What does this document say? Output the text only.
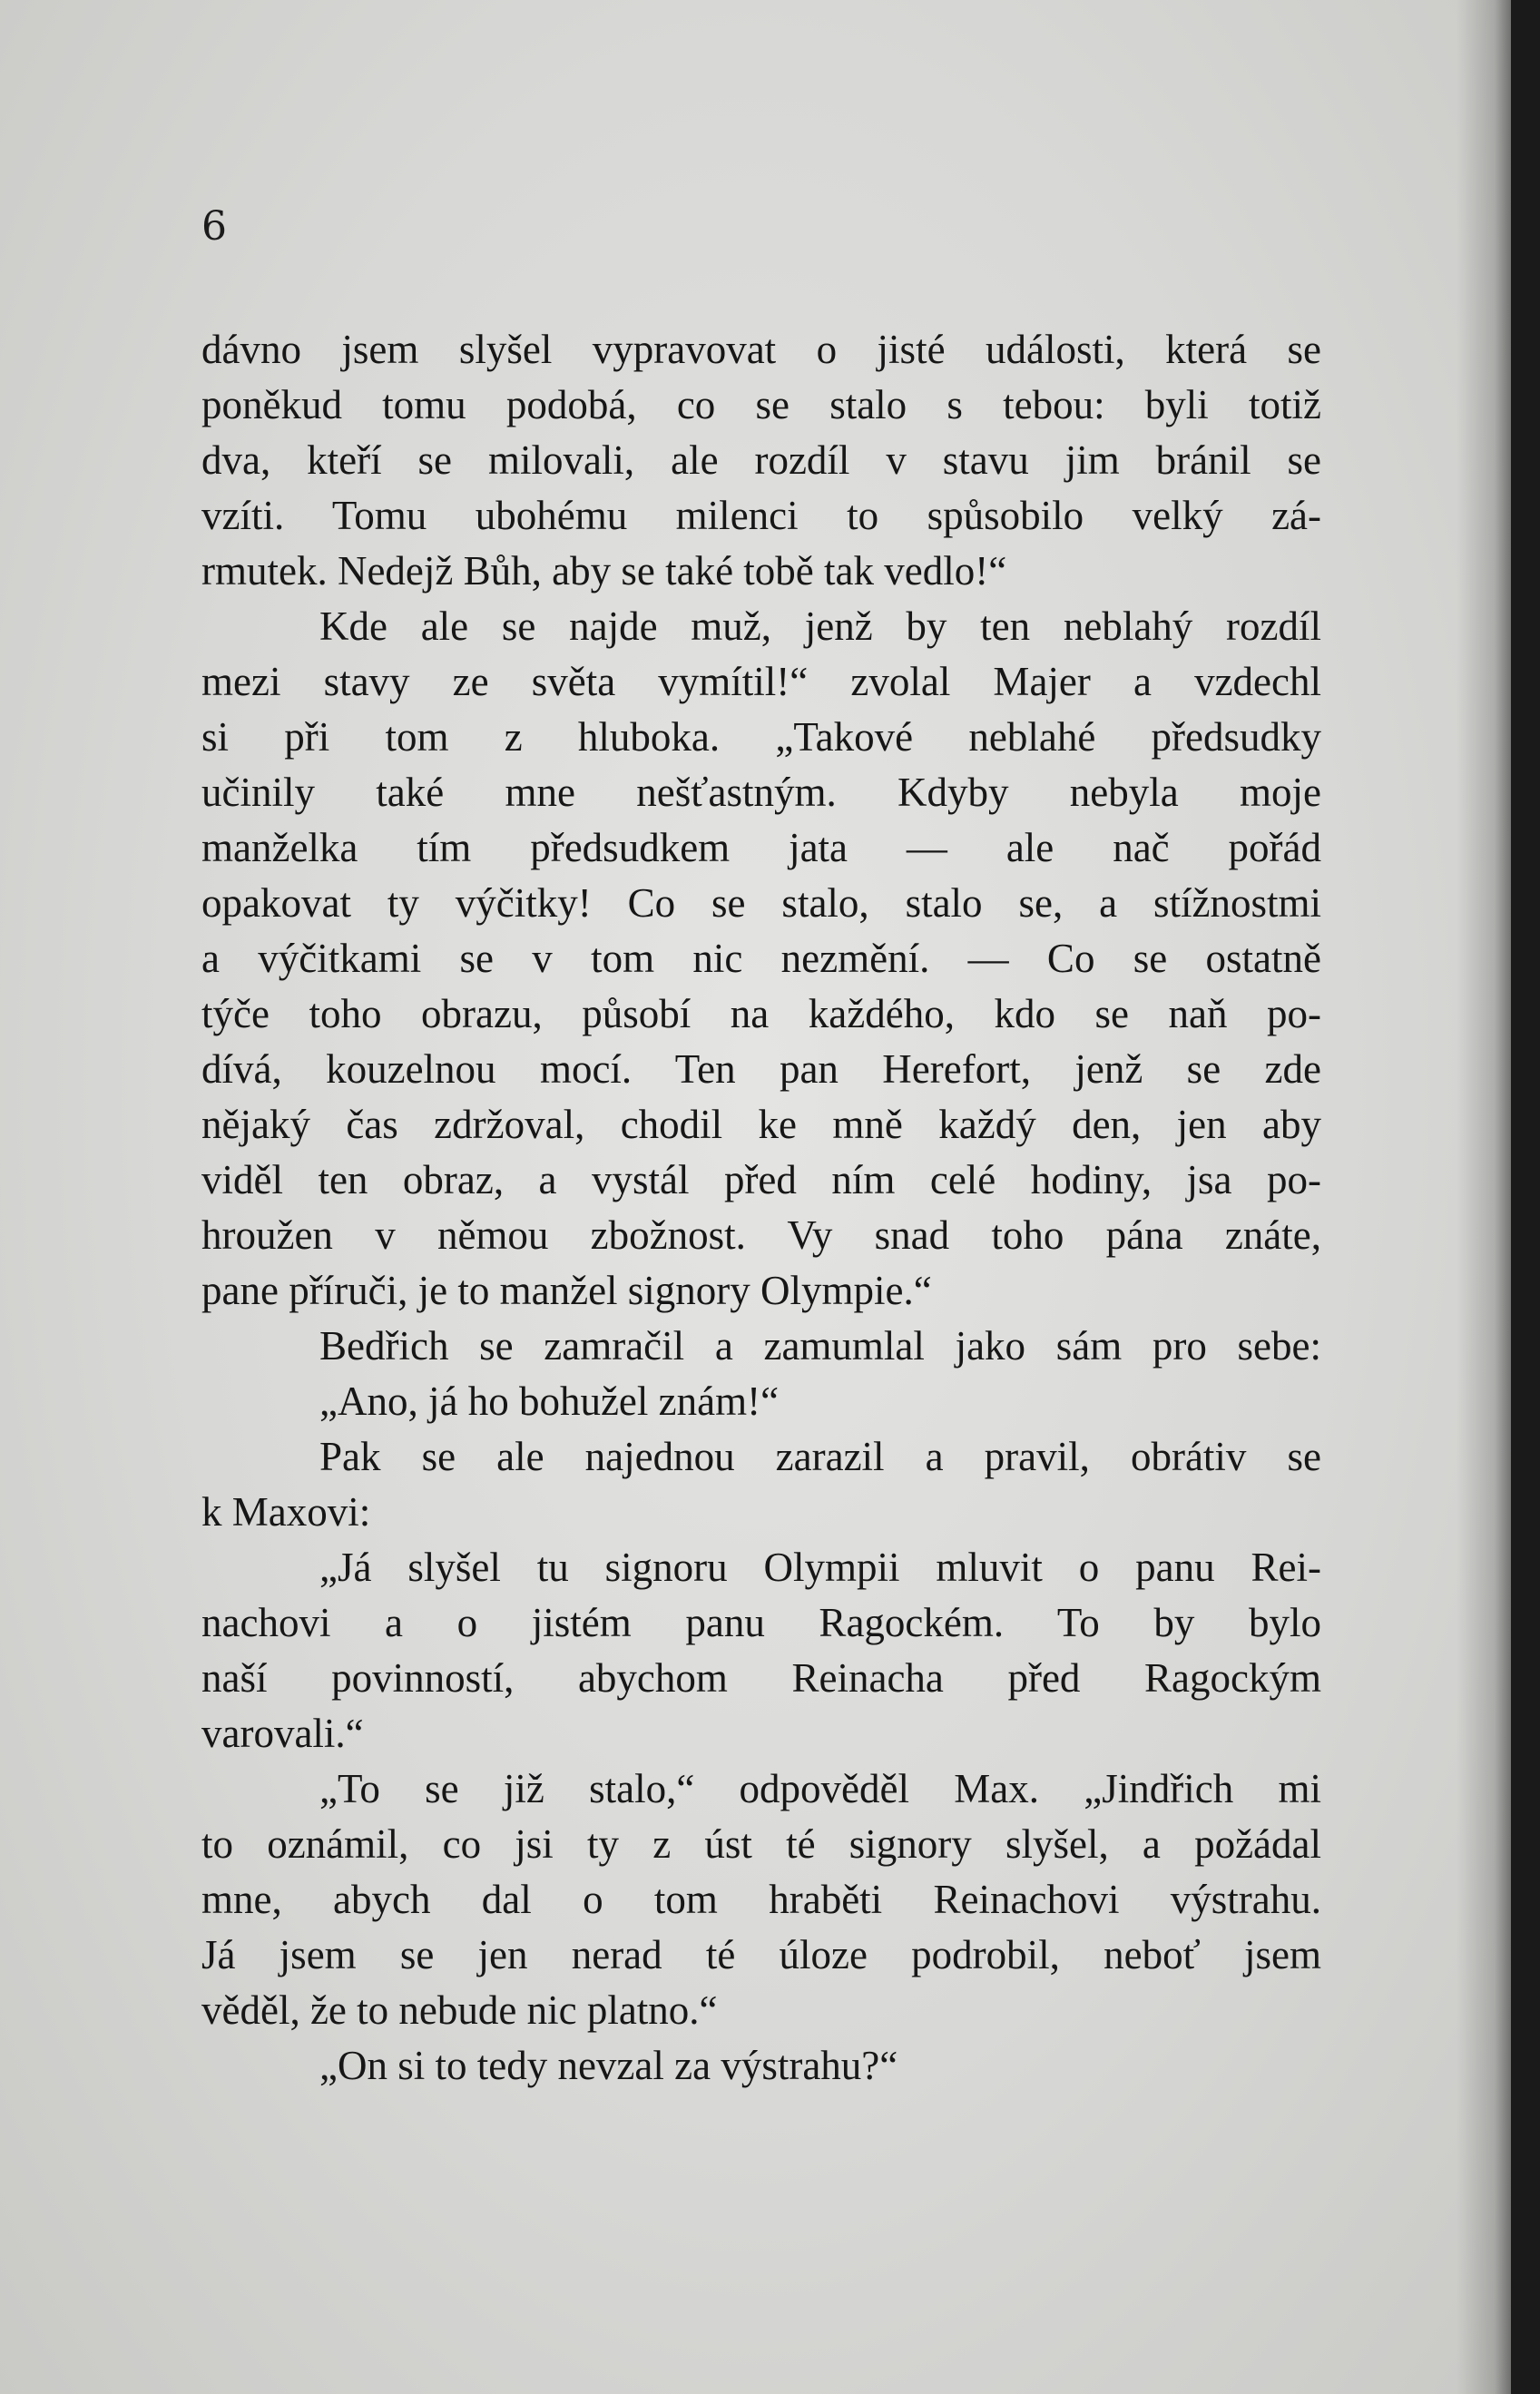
6
dávno jsem slyšel vypravovat o jisté události, která se
poněkud tomu podobá, co se stalo s tebou: byli totiž
dva, kteří se milovali, ale rozdíl v stavu jim bránil se
vzíti. Tomu ubohému milenci to spůsobilo velký zá-
rmutek. Nedejž Bůh, aby se také tobě tak vedlo!“
Kde ale se najde muž, jenž by ten neblahý rozdíl
mezi stavy ze světa vymítil!“ zvolal Majer a vzdechl
si při tom z hluboka. „Takové neblahé předsudky
učinily také mne nešťastným. Kdyby nebyla moje
manželka tím předsudkem jata — ale nač pořád
opakovat ty výčitky! Co se stalo, stalo se, a stížnostmi
a výčitkami se v tom nic nezmění. — Co se ostatně
týče toho obrazu, působí na každého, kdo se naň po-
dívá, kouzelnou mocí. Ten pan Herefort, jenž se zde
nějaký čas zdržoval, chodil ke mně každý den, jen aby
viděl ten obraz, a vystál před ním celé hodiny, jsa po-
hroužen v němou zbožnost. Vy snad toho pána znáte,
pane příruči, je to manžel signory Olympie.“
Bedřich se zamračil a zamumlal jako sám pro sebe:
„Ano, já ho bohužel znám!“
Pak se ale najednou zarazil a pravil, obrátiv se
k Maxovi:
„Já slyšel tu signoru Olympii mluvit o panu Rei-
nachovi a o jistém panu Ragockém. To by bylo
naší povinností, abychom Reinacha před Ragockým
varovali.“
„To se již stalo,“ odpověděl Max. „Jindřich mi
to oznámil, co jsi ty z úst té signory slyšel, a požádal
mne, abych dal o tom hraběti Reinachovi výstrahu.
Já jsem se jen nerad té úloze podrobil, neboť jsem
věděl, že to nebude nic platno.“
„On si to tedy nevzal za výstrahu?“
